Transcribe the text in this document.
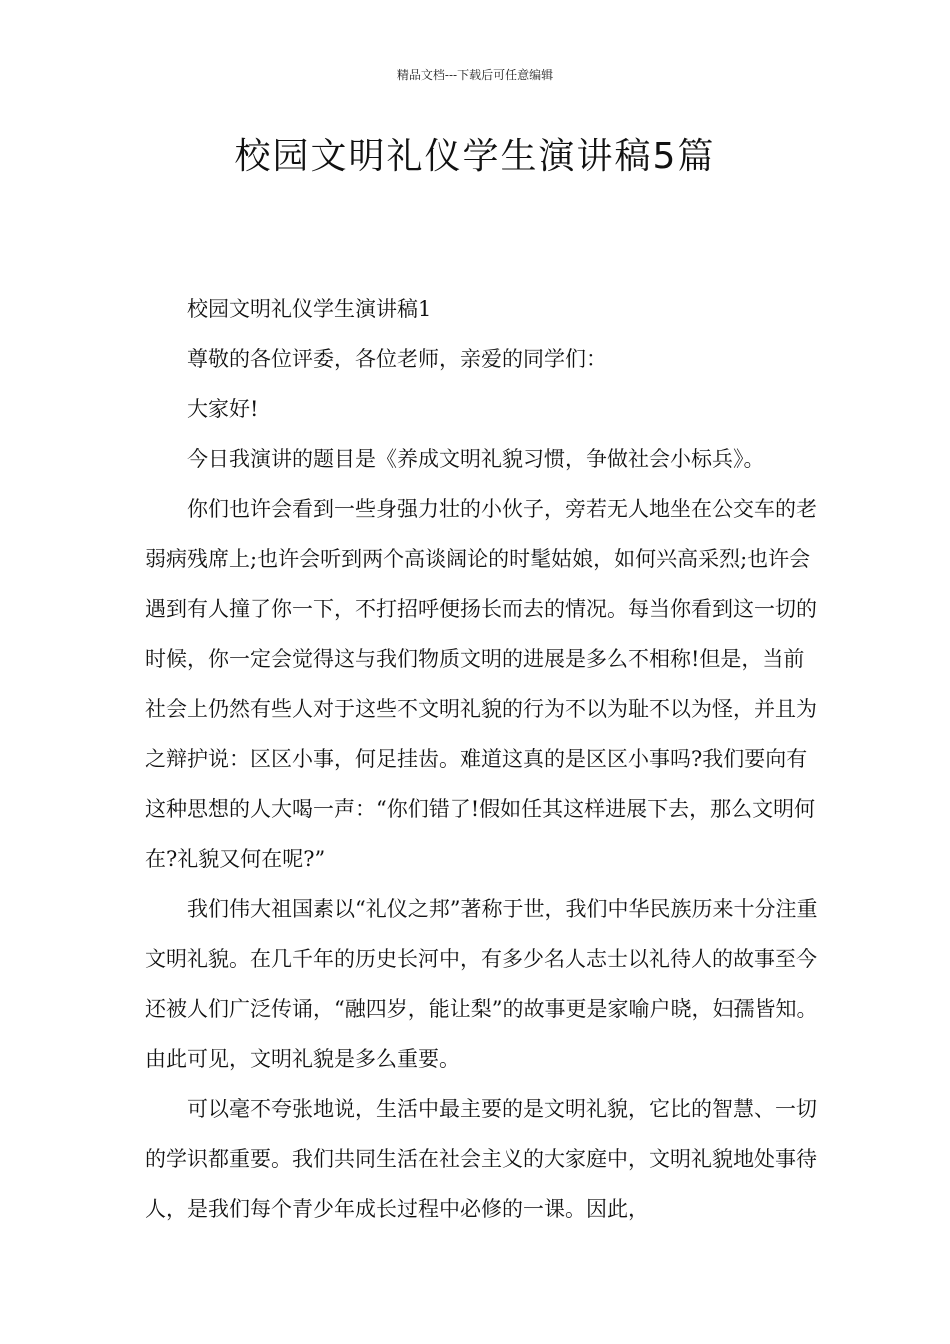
精品文档---下载后可任意编辑
校园文明礼仪学生演讲稿5篇

校园文明礼仪学生演讲稿1

尊敬的各位评委，各位老师，亲爱的同学们：

大家好!

今日我演讲的题目是《养成文明礼貌习惯，争做社会小标兵》。

你们也许会看到一些身强力壮的小伙子，旁若无人地坐在公交车的老弱病残席上;也许会听到两个高谈阔论的时髦姑娘，如何兴高采烈;也许会遇到有人撞了你一下，不打招呼便扬长而去的情况。每当你看到这一切的时候，你一定会觉得这与我们物质文明的进展是多么不相称!但是，当前社会上仍然有些人对于这些不文明礼貌的行为不以为耻不以为怪，并且为之辩护说：区区小事，何足挂齿。难道这真的是区区小事吗?我们要向有这种思想的人大喝一声：“你们错了!假如任其这样进展下去，那么文明何在?礼貌又何在呢?”

我们伟大祖国素以“礼仪之邦”著称于世，我们中华民族历来十分注重文明礼貌。在几千年的历史长河中，有多少名人志士以礼待人的故事至今还被人们广泛传诵，“融四岁，能让梨”的故事更是家喻户晓，妇孺皆知。由此可见，文明礼貌是多么重要。

可以毫不夸张地说，生活中最主要的是文明礼貌，它比的智慧、一切的学识都重要。我们共同生活在社会主义的大家庭中，文明礼貌地处事待人，是我们每个青少年成长过程中必修的一课。因此，
